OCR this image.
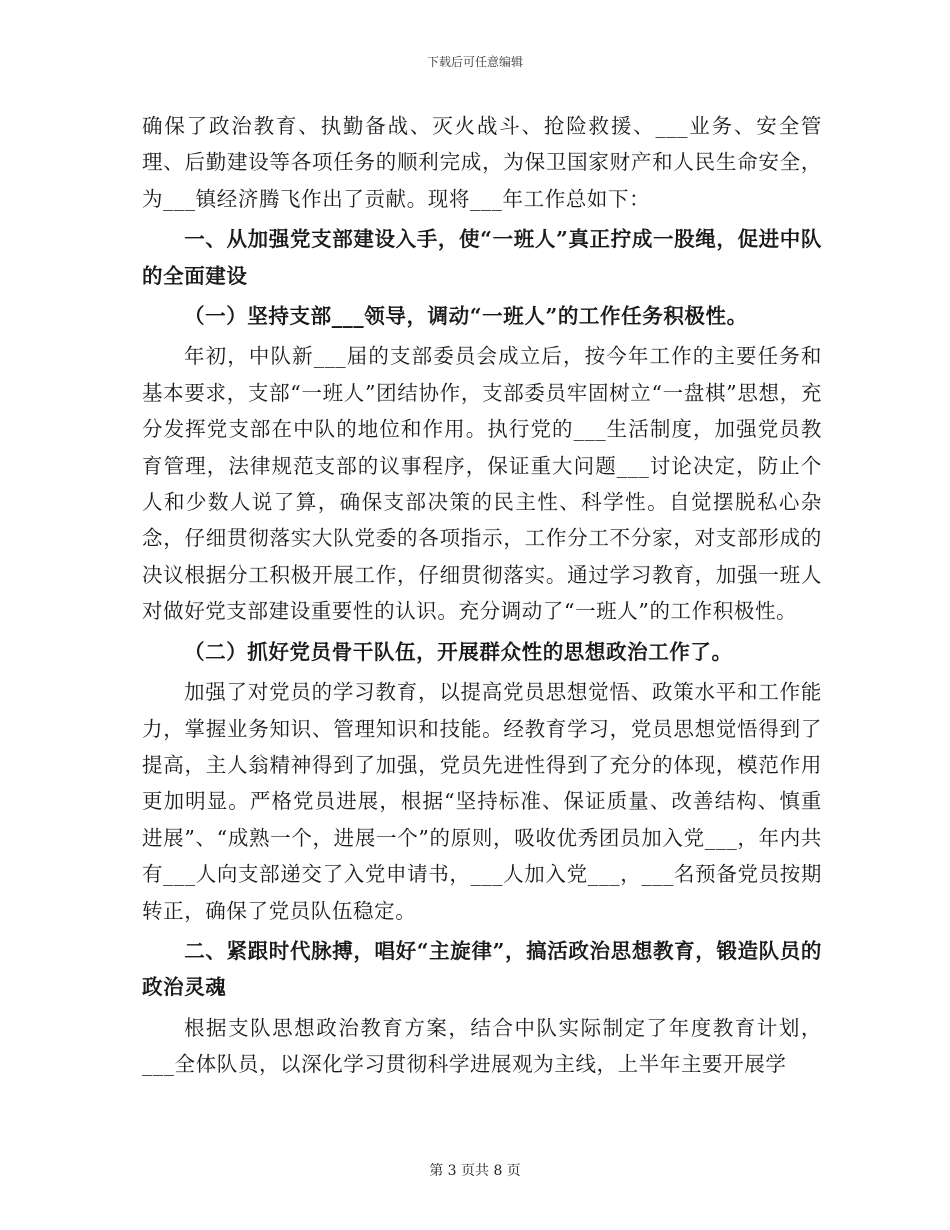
下载后可任意编辑

确保了政治教育、执勤备战、灭火战斗、抢险救援、___业务、安全管理、后勤建设等各项任务的顺利完成，为保卫国家财产和人民生命安全，为___镇经济腾飞作出了贡献。现将___年工作总如下：

　　一、从加强党支部建设入手，使“一班人”真正拧成一股绳，促进中队的全面建设

（一）坚持支部___领导，调动“一班人”的工作任务积极性。

年初，中队新___届的支部委员会成立后，按今年工作的主要任务和基本要求，支部“一班人”团结协作，支部委员牢固树立“一盘棋”思想，充分发挥党支部在中队的地位和作用。执行党的___生活制度，加强党员教育管理，法律规范支部的议事程序，保证重大问题___讨论决定，防止个人和少数人说了算，确保支部决策的民主性、科学性。自觉摆脱私心杂念，仔细贯彻落实大队党委的各项指示，工作分工不分家，对支部形成的决议根据分工积极开展工作，仔细贯彻落实。通过学习教育，加强一班人对做好党支部建设重要性的认识。充分调动了“一班人”的工作积极性。

（二）抓好党员骨干队伍，开展群众性的思想政治工作了。

加强了对党员的学习教育，以提高党员思想觉悟、政策水平和工作能力，掌握业务知识、管理知识和技能。经教育学习，党员思想觉悟得到了提高，主人翁精神得到了加强，党员先进性得到了充分的体现，模范作用更加明显。严格党员进展，根据“坚持标准、保证质量、改善结构、慎重进展”、“成熟一个，进展一个”的原则，吸收优秀团员加入党___，年内共有___人向支部递交了入党申请书，___人加入党___，___名预备党员按期转正，确保了党员队伍稳定。

　　二、紧跟时代脉搏，唱好“主旋律”，搞活政治思想教育，锻造队员的政治灵魂

根据支队思想政治教育方案，结合中队实际制定了年度教育计划，___全体队员，以深化学习贯彻科学进展观为主线，上半年主要开展学

第 3 页共 8 页
